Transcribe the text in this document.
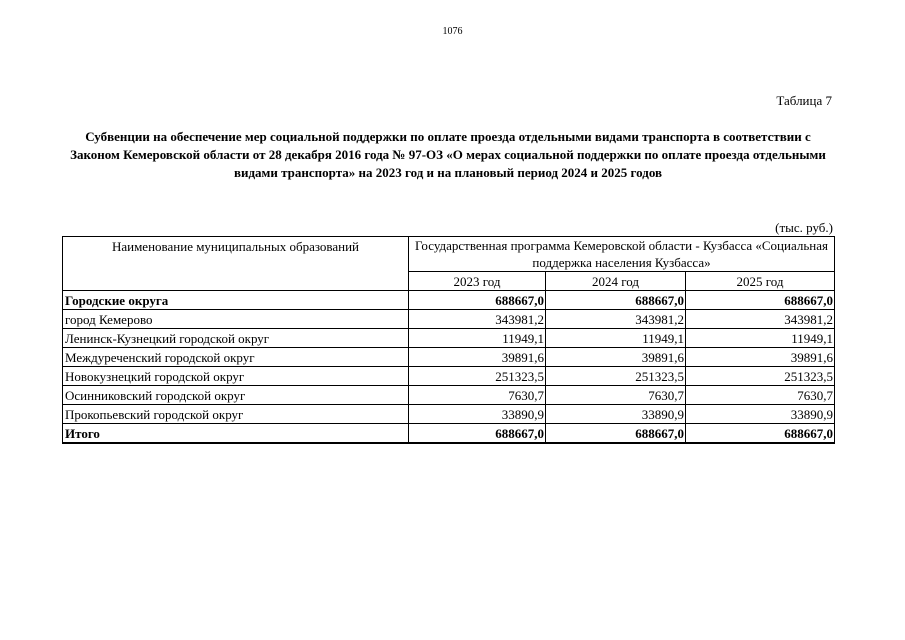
1076
Таблица 7
Субвенции на обеспечение мер социальной поддержки по оплате проезда отдельными видами транспорта в соответствии с Законом Кемеровской области от 28 декабря 2016 года № 97-ОЗ «О мерах социальной поддержки по оплате проезда отдельными видами транспорта» на 2023 год и на плановый период 2024 и 2025 годов
(тыс. руб.)
Наименование муниципальных образований	Государственная программа Кемеровской области - Кузбасса «Социальная поддержка населения Кузбасса»		
	2023 год	2024 год	2025 год
Городские округа	688667,0	688667,0	688667,0
город Кемерово	343981,2	343981,2	343981,2
Ленинск-Кузнецкий городской округ	11949,1	11949,1	11949,1
Междуреченский городской округ	39891,6	39891,6	39891,6
Новокузнецкий городской округ	251323,5	251323,5	251323,5
Осинниковский городской округ	7630,7	7630,7	7630,7
Прокопьевский городской округ	33890,9	33890,9	33890,9
Итого	688667,0	688667,0	688667,0
